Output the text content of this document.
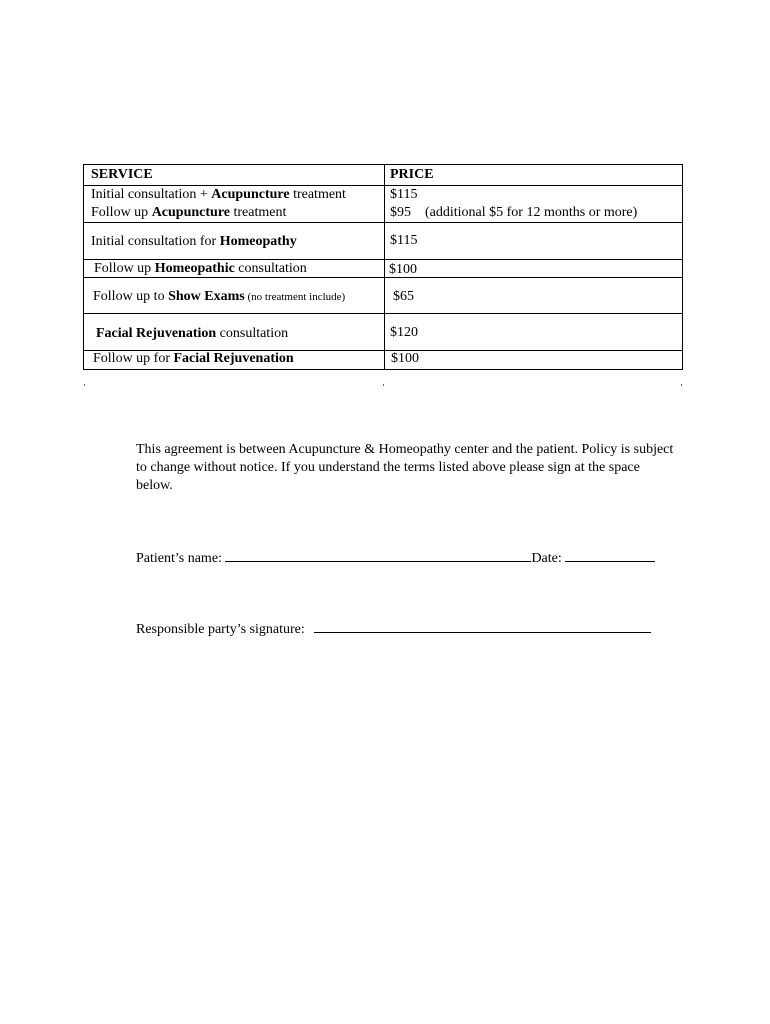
SERVICE	PRICE
Initial consultation + Acupuncture treatment	$115
Follow up Acupuncture treatment	$95 (additional $5 for 12 months or more)
Initial consultation for Homeopathy	$115
Follow up Homeopathic consultation	$100
Follow up to Show Exams (no treatment include)	$65
Facial Rejuvenation consultation	$120
Follow up for Facial Rejuvenation	$100

This agreement is between Acupuncture & Homeopathy center and the patient. Policy is subject to change without notice. If you understand the terms listed above please sign at the space below.

Patient’s name:	Date:
Responsible party’s signature:
